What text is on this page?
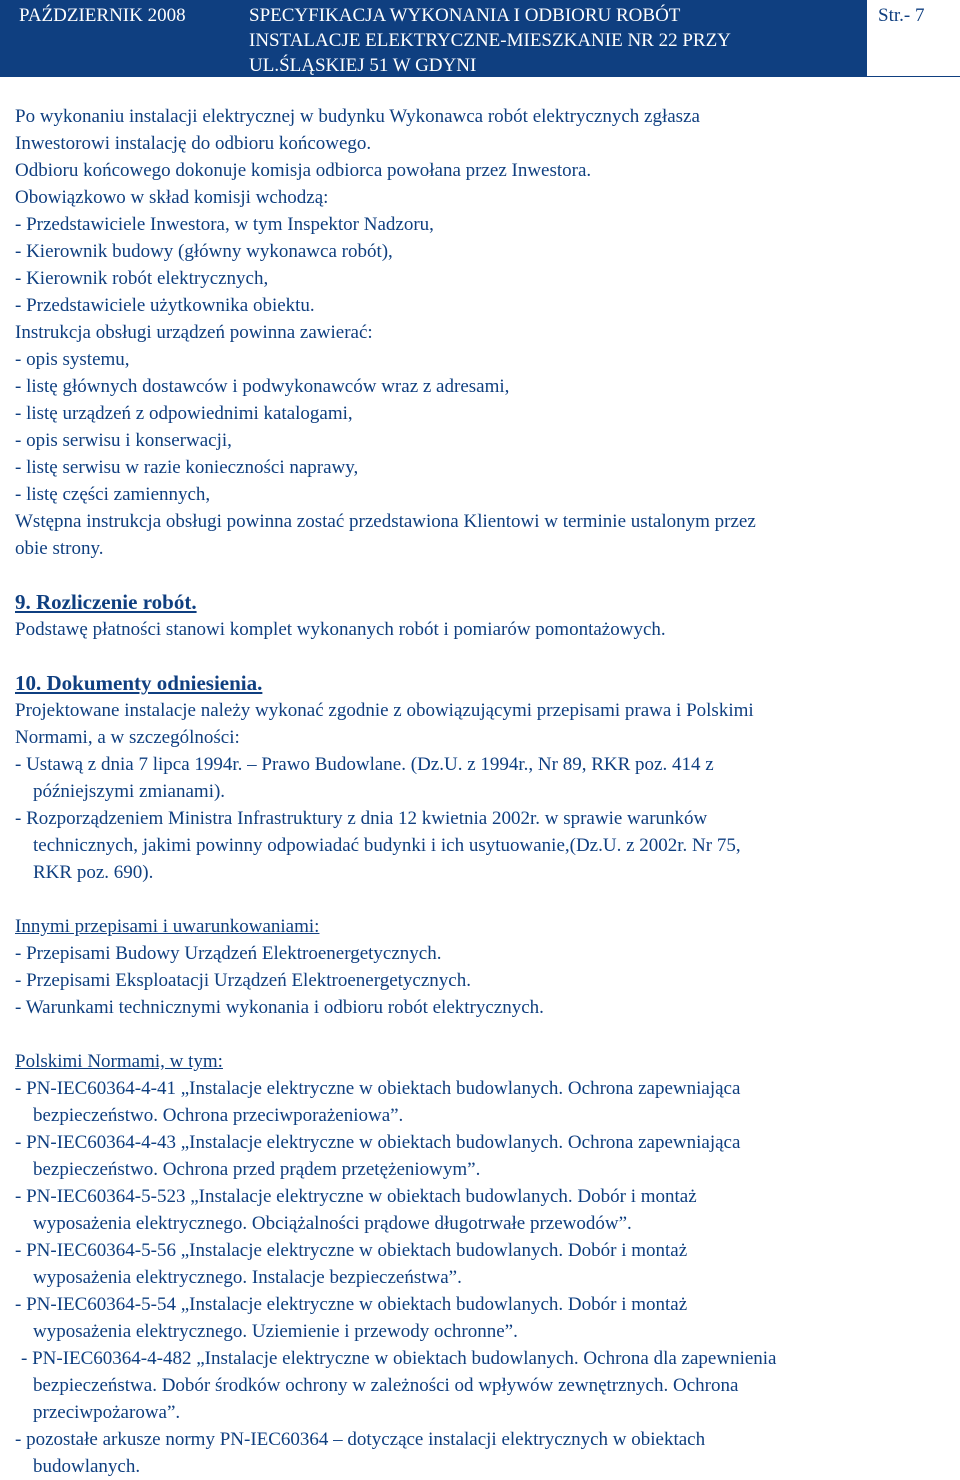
PAŹDZIERNIK 2008	SPECYFIKACJA WYKONANIA I ODBIORU ROBÓT
INSTALACJE ELEKTRYCZNE-MIESZKANIE NR 22 PRZY
UL.ŚLĄSKIEJ 51 W GDYNI
Str.- 7
Po wykonaniu instalacji elektrycznej w budynku Wykonawca robót elektrycznych zgłasza
Inwestorowi instalację do odbioru końcowego.
Odbioru końcowego dokonuje komisja odbiorca powołana przez Inwestora.
Obowiązkowo w skład komisji wchodzą:
- Przedstawiciele Inwestora, w tym Inspektor Nadzoru,
- Kierownik budowy (główny wykonawca robót),
- Kierownik robót elektrycznych,
- Przedstawiciele użytkownika obiektu.
Instrukcja obsługi urządzeń powinna zawierać:
- opis systemu,
- listę głównych dostawców i podwykonawców wraz z adresami,
- listę urządzeń z odpowiednimi katalogami,
- opis serwisu i konserwacji,
- listę serwisu w razie konieczności naprawy,
- listę części zamiennych,
Wstępna instrukcja obsługi powinna zostać przedstawiona Klientowi w terminie ustalonym przez
obie strony.
9. Rozliczenie robót.
Podstawę płatności stanowi komplet wykonanych robót i pomiarów pomontażowych.
10. Dokumenty odniesienia.
Projektowane instalacje należy wykonać zgodnie z obowiązującymi przepisami prawa i Polskimi
Normami, a w szczególności:
- Ustawą z dnia 7 lipca 1994r. – Prawo Budowlane. (Dz.U. z 1994r., Nr 89, RKR poz. 414 z
późniejszymi zmianami).
- Rozporządzeniem Ministra Infrastruktury z dnia 12 kwietnia 2002r. w sprawie warunków
technicznych, jakimi powinny odpowiadać budynki i ich usytuowanie,(Dz.U. z 2002r. Nr 75,
RKR poz. 690).
Innymi przepisami i uwarunkowaniami:
- Przepisami Budowy Urządzeń Elektroenergetycznych.
- Przepisami Eksploatacji Urządzeń Elektroenergetycznych.
- Warunkami technicznymi wykonania i odbioru robót elektrycznych.
Polskimi Normami, w tym:
- PN-IEC60364-4-41 „Instalacje elektryczne w obiektach budowlanych. Ochrona zapewniająca
bezpieczeństwo. Ochrona przeciwporażeniowa”.
- PN-IEC60364-4-43 „Instalacje elektryczne w obiektach budowlanych. Ochrona zapewniająca
bezpieczeństwo. Ochrona przed prądem przetężeniowym”.
- PN-IEC60364-5-523 „Instalacje elektryczne w obiektach budowlanych. Dobór i montaż
wyposażenia elektrycznego. Obciążalności prądowe długotrwałe przewodów”.
- PN-IEC60364-5-56 „Instalacje elektryczne w obiektach budowlanych. Dobór i montaż
wyposażenia elektrycznego. Instalacje bezpieczeństwa”.
- PN-IEC60364-5-54 „Instalacje elektryczne w obiektach budowlanych. Dobór i montaż
wyposażenia elektrycznego. Uziemienie i przewody ochronne”.
- PN-IEC60364-4-482 „Instalacje elektryczne w obiektach budowlanych. Ochrona dla zapewnienia
bezpieczeństwa. Dobór środków ochrony w zależności od wpływów zewnętrznych. Ochrona
przeciwpożarowa”.
- pozostałe arkusze normy PN-IEC60364 – dotyczące instalacji elektrycznych w obiektach
budowlanych.
